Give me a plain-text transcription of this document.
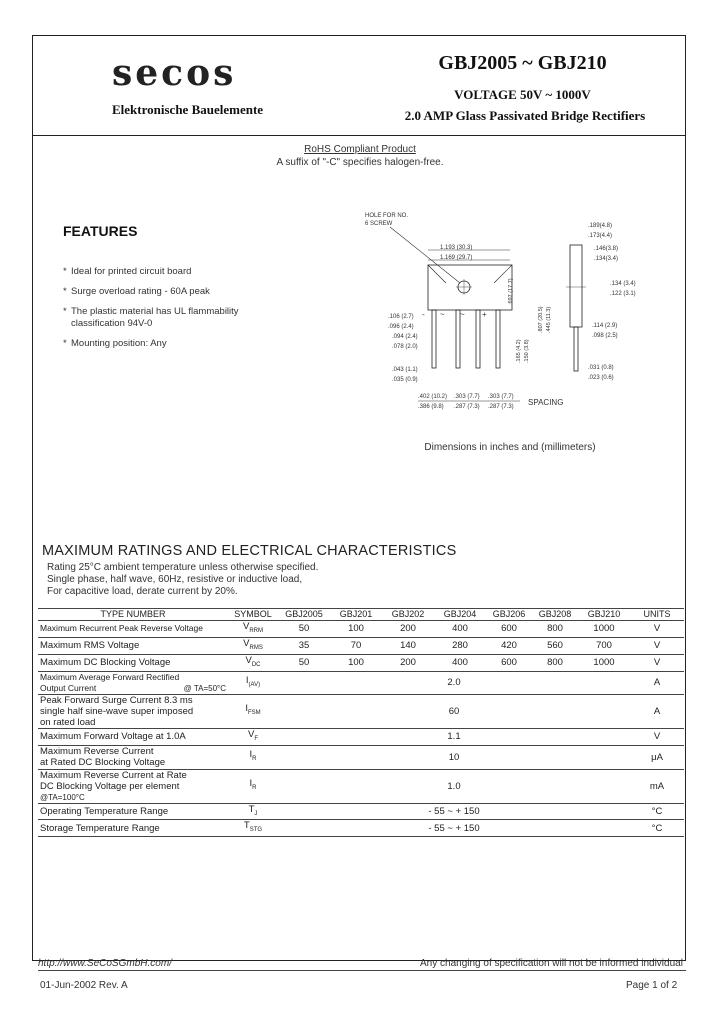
secos
Elektronische Bauelemente
GBJ2005 ~ GBJ210
VOLTAGE 50V ~ 1000V
2.0 AMP Glass Passivated Bridge Rectifiers
RoHS Compliant Product
A suffix of "-C" specifies halogen-free.
FEATURES
* Ideal for printed circuit board
* Surge overload rating - 60A peak
* The plastic material has UL flammability classification 94V-0
* Mounting position: Any
HOLE FOR NO.
6 SCREW
1.193 (30.3)
1.169 (29.7)
~ ~ +
-
.106 (2.7)
.096 (2.4)
.094 (2.4)
.078 (2.0)
.043 (1.1)
.035 (0.9)
.697 (17.7)
.807 (20.5) .445 (11.3)
.165 (4.2) .150 (3.8)
.189(4.8)
.173(4.4)
.146(3.8)
.134(3.4)
.134 (3.4)
.122 (3.1)
.114 (2.9)
.098 (2.5)
.031 (0.8)
.023 (0.6)
.402 (10.2)
.386 (9.8)
.303 (7.7)
.287 (7.3)
.303 (7.7)
.287 (7.3) SPACING
Dimensions in inches and (millimeters)
MAXIMUM RATINGS AND ELECTRICAL CHARACTERISTICS
Rating 25°C ambient temperature unless otherwise specified.
Single phase, half wave, 60Hz, resistive or inductive load,
For capacitive load, derate current by 20%.
TYPE NUMBER	SYMBOL	GBJ2005	GBJ201	GBJ202	GBJ204	GBJ206	GBJ208	GBJ210	UNITS
Maximum Recurrent Peak Reverse Voltage	$V_{RRM}$	50	100	200	400	600	800	1000	V
Maximum RMS Voltage	$V_{RMS}$	35	70	140	280	420	560	700	V
Maximum DC Blocking Voltage	$V_{DC}$	50	100	200	400	600	800	1000	V

Maximum Average Forward Rectified
Output Current @ TA=50°C	$I_{(AV)}$	2.0							A

Peak Forward Surge Current 8.3 ms
single half sine-wave super imposed
on rated load	$I_{FSM}$	60							A
Maximum Forward Voltage at 1.0A	$V_F$	1.1							V

Maximum Reverse Current
at Rated DC Blocking Voltage	$I_R$	10							μA

Maximum Reverse Current at Rate
DC Blocking Voltage per element @TA=100°C	$I_R$	1.0							mA
Operating Temperature Range	$T_J$	- 55 ~ + 150							°C
Storage Temperature Range	$T_{STG}$	- 55 ~ + 150							°C
http://www.SeCoSGmbH.com/	Any changing of specification will not be informed individual
01-Jun-2002 Rev. A	Page 1 of 2
